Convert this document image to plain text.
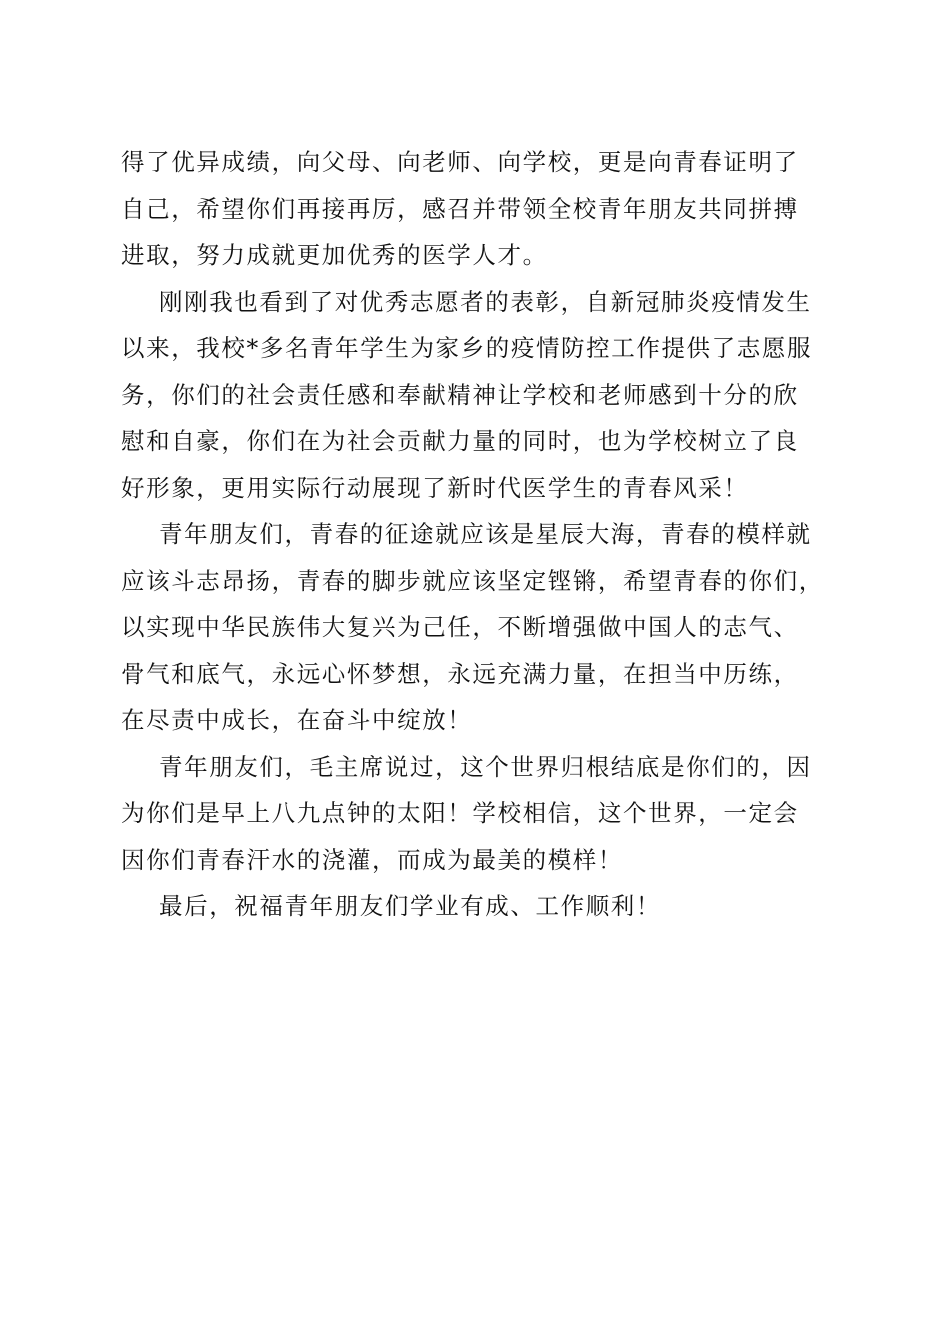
得了优异成绩，向父母、向老师、向学校，更是向青春证明了
自己，希望你们再接再厉，感召并带领全校青年朋友共同拼搏
进取，努力成就更加优秀的医学人才。
刚刚我也看到了对优秀志愿者的表彰，自新冠肺炎疫情发生
以来，我校*多名青年学生为家乡的疫情防控工作提供了志愿服
务，你们的社会责任感和奉献精神让学校和老师感到十分的欣
慰和自豪，你们在为社会贡献力量的同时，也为学校树立了良
好形象，更用实际行动展现了新时代医学生的青春风采！
青年朋友们，青春的征途就应该是星辰大海，青春的模样就
应该斗志昂扬，青春的脚步就应该坚定铿锵，希望青春的你们，
以实现中华民族伟大复兴为己任，不断增强做中国人的志气、
骨气和底气，永远心怀梦想，永远充满力量，在担当中历练，
在尽责中成长，在奋斗中绽放！
青年朋友们，毛主席说过，这个世界归根结底是你们的，因
为你们是早上八九点钟的太阳！学校相信，这个世界，一定会
因你们青春汗水的浇灌，而成为最美的模样！
最后，祝福青年朋友们学业有成、工作顺利！
